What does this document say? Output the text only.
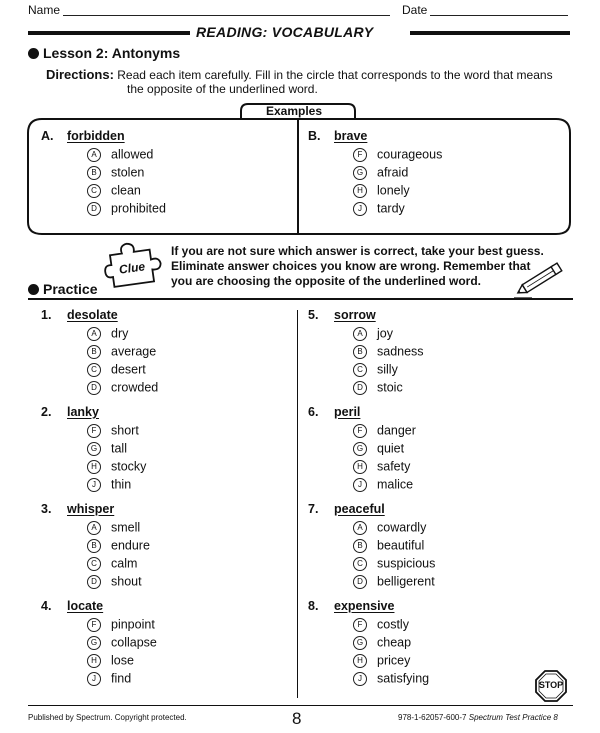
Name	Date
READING: VOCABULARY
Lesson 2: Antonyms
Directions: Read each item carefully. Fill in the circle that corresponds to the word that means
the opposite of the underlined word.
Examples
A. forbidden
A allowed
B stolen
C clean
D prohibited
B. brave
F courageous
G afraid
H lonely
J tardy
Clue
If you are not sure which answer is correct, take your best guess.
Eliminate answer choices you know are wrong. Remember that
you are choosing the opposite of the underlined word.
Practice
1. desolate
A dry
B average
C desert
D crowded
2. lanky
F short
G tall
H stocky
J thin
3. whisper
A smell
B endure
C calm
D shout
4. locate
F pinpoint
G collapse
H lose
J find
5. sorrow
A joy
B sadness
C silly
D stoic
6. peril
F danger
G quiet
H safety
J malice
7. peaceful
A cowardly
B beautiful
C suspicious
D belligerent
8. expensive
F costly
G cheap
H pricey
J satisfying	STOP
Published by Spectrum. Copyright protected.	8	978-1-62057-600-7 Spectrum Test Practice 8
